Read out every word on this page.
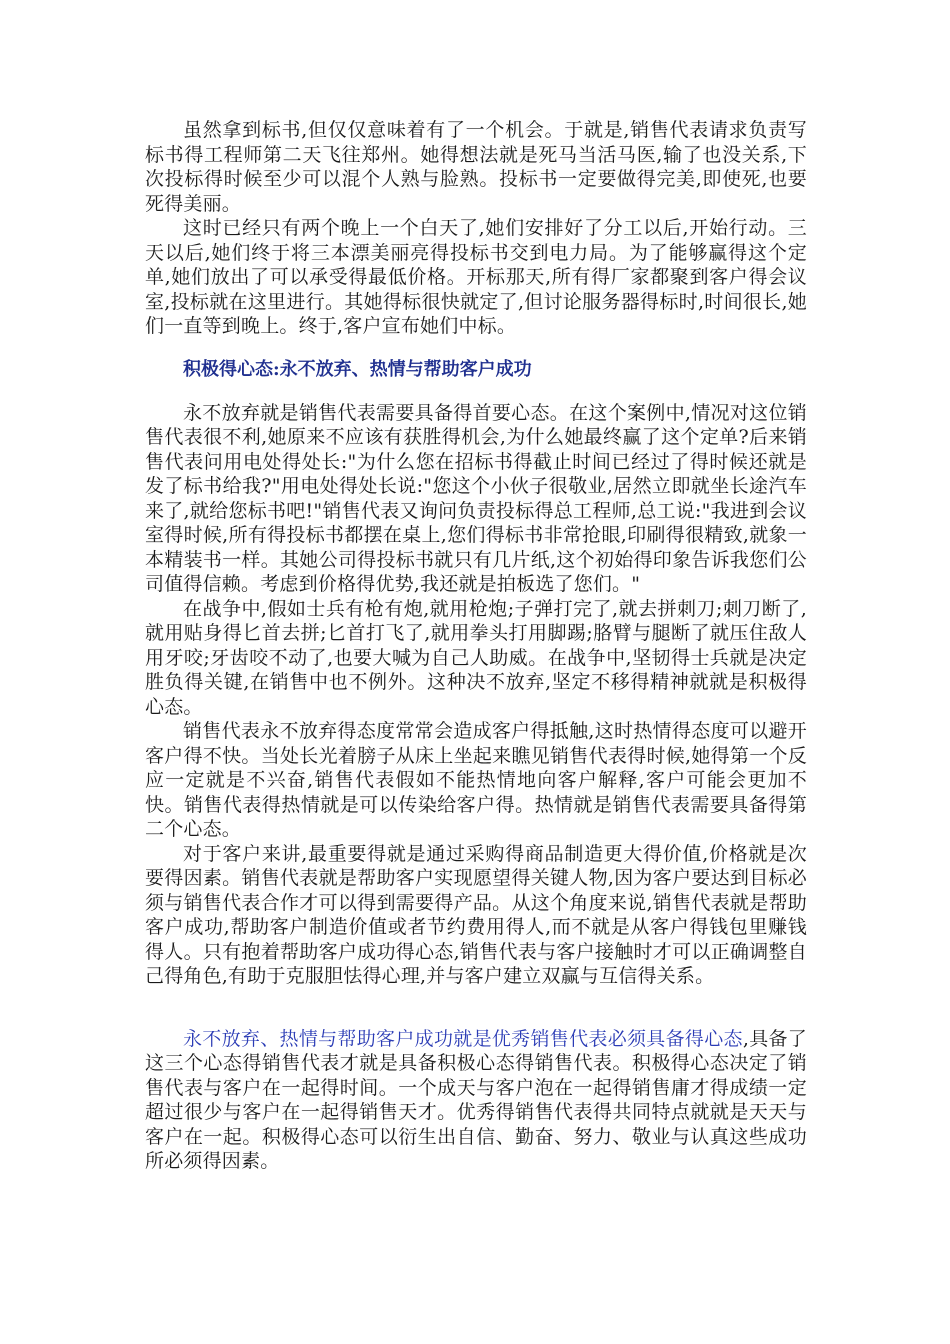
虽然拿到标书,但仅仅意味着有了一个机会。于就是,销售代表请求负责写标书得工程师第二天飞往郑州。她得想法就是死马当活马医,输了也没关系,下次投标得时候至少可以混个人熟与脸熟。投标书一定要做得完美,即使死,也要死得美丽。

这时已经只有两个晚上一个白天了,她们安排好了分工以后,开始行动。三天以后,她们终于将三本漂美丽亮得投标书交到电力局。为了能够赢得这个定单,她们放出了可以承受得最低价格。开标那天,所有得厂家都聚到客户得会议室,投标就在这里进行。其她得标很快就定了,但讨论服务器得标时,时间很长,她们一直等到晚上。终于,客户宣布她们中标。

积极得心态:永不放弃、热情与帮助客户成功

永不放弃就是销售代表需要具备得首要心态。在这个案例中,情况对这位销售代表很不利,她原来不应该有获胜得机会,为什么她最终赢了这个定单?后来销售代表问用电处得处长:"为什么您在招标书得截止时间已经过了得时候还就是发了标书给我?"用电处得处长说:"您这个小伙子很敬业,居然立即就坐长途汽车来了,就给您标书吧!"销售代表又询问负责投标得总工程师,总工说:"我进到会议室得时候,所有得投标书都摆在桌上,您们得标书非常抢眼,印刷得很精致,就象一本精装书一样。其她公司得投标书就只有几片纸,这个初始得印象告诉我您们公司值得信赖。考虑到价格得优势,我还就是拍板选了您们。"

在战争中,假如士兵有枪有炮,就用枪炮;子弹打完了,就去拼刺刀;刺刀断了,就用贴身得匕首去拼;匕首打飞了,就用拳头打用脚踢;胳臂与腿断了就压住敌人用牙咬;牙齿咬不动了,也要大喊为自己人助威。在战争中,坚韧得士兵就是决定胜负得关键,在销售中也不例外。这种决不放弃,坚定不移得精神就就是积极得心态。

销售代表永不放弃得态度常常会造成客户得抵触,这时热情得态度可以避开客户得不快。当处长光着膀子从床上坐起来瞧见销售代表得时候,她得第一个反应一定就是不兴奋,销售代表假如不能热情地向客户解释,客户可能会更加不快。销售代表得热情就是可以传染给客户得。热情就是销售代表需要具备得第二个心态。

对于客户来讲,最重要得就是通过采购得商品制造更大得价值,价格就是次要得因素。销售代表就是帮助客户实现愿望得关键人物,因为客户要达到目标必须与销售代表合作才可以得到需要得产品。从这个角度来说,销售代表就是帮助客户成功,帮助客户制造价值或者节约费用得人,而不就是从客户得钱包里赚钱得人。只有抱着帮助客户成功得心态,销售代表与客户接触时才可以正确调整自己得角色,有助于克服胆怯得心理,并与客户建立双赢与互信得关系。

永不放弃、热情与帮助客户成功就是优秀销售代表必须具备得心态,具备了这三个心态得销售代表才就是具备积极心态得销售代表。积极得心态决定了销售代表与客户在一起得时间。一个成天与客户泡在一起得销售庸才得成绩一定超过很少与客户在一起得销售天才。优秀得销售代表得共同特点就就是天天与客户在一起。积极得心态可以衍生出自信、勤奋、努力、敬业与认真这些成功所必须得因素。
